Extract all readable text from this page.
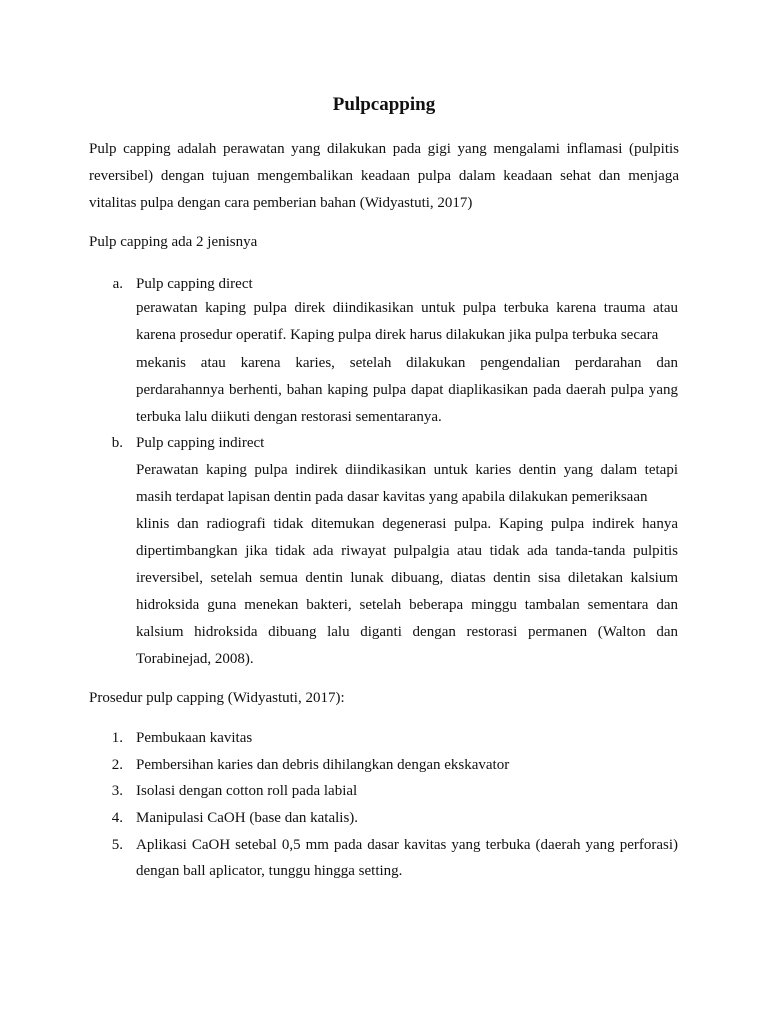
Pulpcapping
Pulp capping adalah perawatan yang dilakukan pada gigi yang mengalami inflamasi (pulpitis
reversibel) dengan tujuan mengembalikan keadaan pulpa dalam keadaan sehat dan menjaga
vitalitas pulpa dengan cara pemberian bahan (Widyastuti, 2017)
Pulp capping ada 2 jenisnya
a. Pulp capping direct
perawatan kaping pulpa direk diindikasikan untuk pulpa terbuka karena trauma atau
karena prosedur operatif. Kaping pulpa direk harus dilakukan jika pulpa terbuka secara
mekanis atau karena karies, setelah dilakukan pengendalian perdarahan dan
perdarahannya berhenti, bahan kaping pulpa dapat diaplikasikan pada daerah pulpa yang
terbuka lalu diikuti dengan restorasi sementaranya.
b. Pulp capping indirect
Perawatan kaping pulpa indirek diindikasikan untuk karies dentin yang dalam tetapi
masih terdapat lapisan dentin pada dasar kavitas yang apabila dilakukan pemeriksaan
klinis dan radiografi tidak ditemukan degenerasi pulpa. Kaping pulpa indirek hanya
dipertimbangkan jika tidak ada riwayat pulpalgia atau tidak ada tanda-tanda pulpitis
ireversibel, setelah semua dentin lunak dibuang, diatas dentin sisa diletakan kalsium
hidroksida guna menekan bakteri, setelah beberapa minggu tambalan sementara dan
kalsium hidroksida dibuang lalu diganti dengan restorasi permanen (Walton dan
Torabinejad, 2008).
Prosedur pulp capping (Widyastuti, 2017):
1. Pembukaan kavitas
2. Pembersihan karies dan debris dihilangkan dengan ekskavator
3. Isolasi dengan cotton roll pada labial
4. Manipulasi CaOH (base dan katalis).
5. Aplikasi CaOH setebal 0,5 mm pada dasar kavitas yang terbuka (daerah yang perforasi)
dengan ball aplicator, tunggu hingga setting.
